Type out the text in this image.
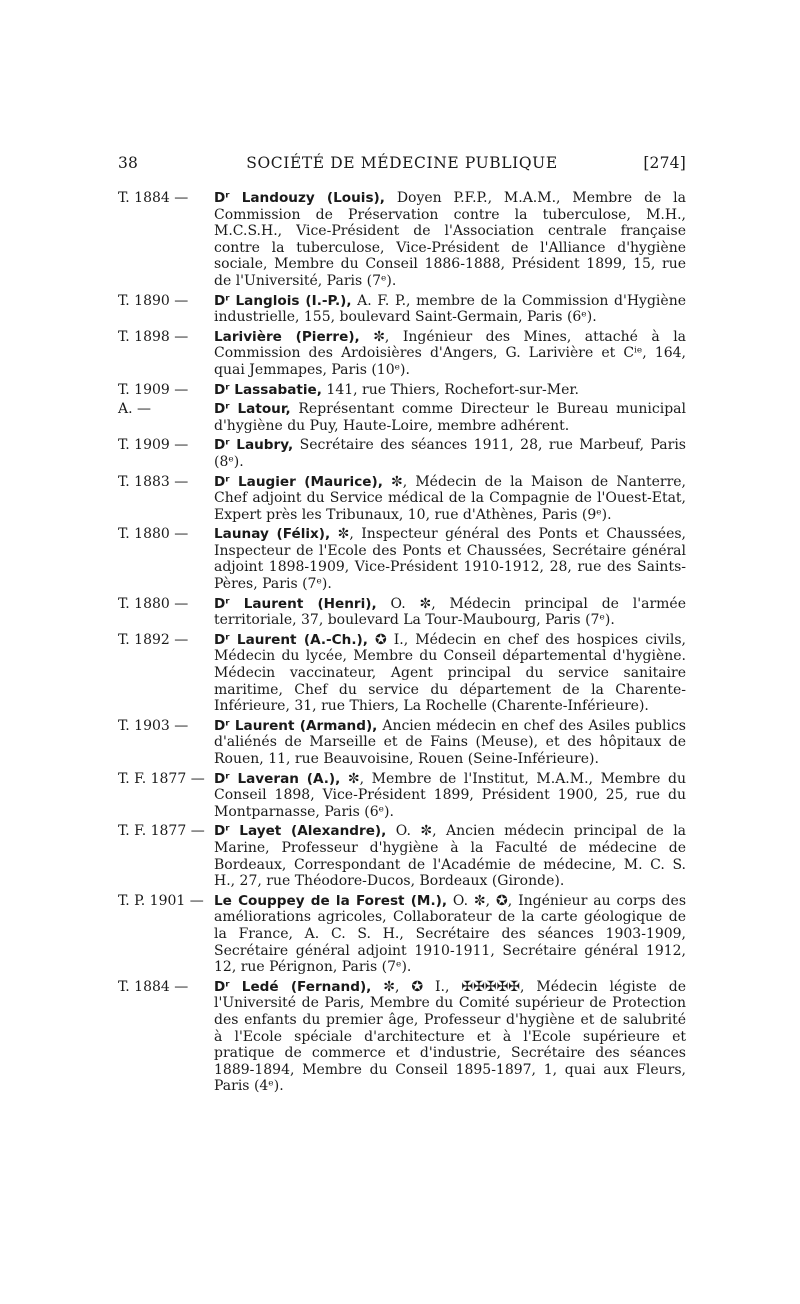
38	SOCIÉTÉ DE MÉDECINE PUBLIQUE	[274]
T. 1884 — Dʳ Landouzy (Louis), Doyen P.F.P., M.A.M., Membre de la Commission de Préservation contre la tuberculose, M.H., M.C.S.H., Vice-Président de l'Association centrale française contre la tuberculose, Vice-Président de l'Alliance d'hygiène sociale, Membre du Conseil 1886-1888, Président 1899, 15, rue de l'Université, Paris (7ᵉ).
T. 1890 — Dʳ Langlois (I.-P.), A. F. P., membre de la Commission d'Hygiène industrielle, 155, boulevard Saint-Germain, Paris (6ᵉ).
T. 1898 — Larivière (Pierre), ✼, Ingénieur des Mines, attaché à la Commission des Ardoisières d'Angers, G. Larivière et Cⁱᵉ, 164, quai Jemmapes, Paris (10ᵉ).
T. 1909 — Dʳ Lassabatie, 141, rue Thiers, Rochefort-sur-Mer.
A. —	Dʳ Latour, Représentant comme Directeur le Bureau municipal d'hygiène du Puy, Haute-Loire, membre adhérent.
T. 1909 — Dʳ Laubry, Secrétaire des séances 1911, 28, rue Marbeuf, Paris (8ᵉ).
T. 1883 — Dʳ Laugier (Maurice), ✼, Médecin de la Maison de Nanterre, Chef adjoint du Service médical de la Compagnie de l'Ouest-Etat, Expert près les Tribunaux, 10, rue d'Athènes, Paris (9ᵉ).
T. 1880 — Launay (Félix), ✼, Inspecteur général des Ponts et Chaussées, Inspecteur de l'Ecole des Ponts et Chaussées, Secrétaire général adjoint 1898-1909, Vice-Président 1910-1912, 28, rue des Saints-Pères, Paris (7ᵉ).
T. 1880 — Dʳ Laurent (Henri), O. ✼, Médecin principal de l'armée territoriale, 37, boulevard La Tour-Maubourg, Paris (7ᵉ).
T. 1892 — Dʳ Laurent (A.-Ch.), ✪ I., Médecin en chef des hospices civils, Médecin du lycée, Membre du Conseil départemental d'hygiène. Médecin vaccinateur, Agent principal du service sanitaire maritime, Chef du service du département de la Charente-Inférieure, 31, rue Thiers, La Rochelle (Charente-Inférieure).
T. 1903 — Dʳ Laurent (Armand), Ancien médecin en chef des Asiles publics d'aliénés de Marseille et de Fains (Meuse), et des hôpitaux de Rouen, 11, rue Beauvoisine, Rouen (Seine-Inférieure).
T. F. 1877 — Dʳ Laveran (A.), ✼, Membre de l'Institut, M.A.M., Membre du Conseil 1898, Vice-Président 1899, Président 1900, 25, rue du Montparnasse, Paris (6ᵉ).
T. F. 1877 — Dʳ Layet (Alexandre), O. ✼, Ancien médecin principal de la Marine, Professeur d'hygiène à la Faculté de médecine de Bordeaux, Correspondant de l'Académie de médecine, M. C. S. H., 27, rue Théodore-Ducos, Bordeaux (Gironde).
T. P. 1901 — Le Couppey de la Forest (M.), O. ✼, ✪, Ingénieur au corps des améliorations agricoles, Collaborateur de la carte géologique de la France, A. C. S. H., Secrétaire des séances 1903-1909, Secrétaire général adjoint 1910-1911, Secrétaire général 1912, 12, rue Pérignon, Paris (7ᵉ).
T. 1884 — Dʳ Ledé (Fernand), ✼, ✪ I., ✠✠✠✠✠, Médecin légiste de l'Université de Paris, Membre du Comité supérieur de Protection des enfants du premier âge, Professeur d'hygiène et de salubrité à l'Ecole spéciale d'architecture et à l'Ecole supérieure et pratique de commerce et d'industrie, Secrétaire des séances 1889-1894, Membre du Conseil 1895-1897, 1, quai aux Fleurs, Paris (4ᵉ).
